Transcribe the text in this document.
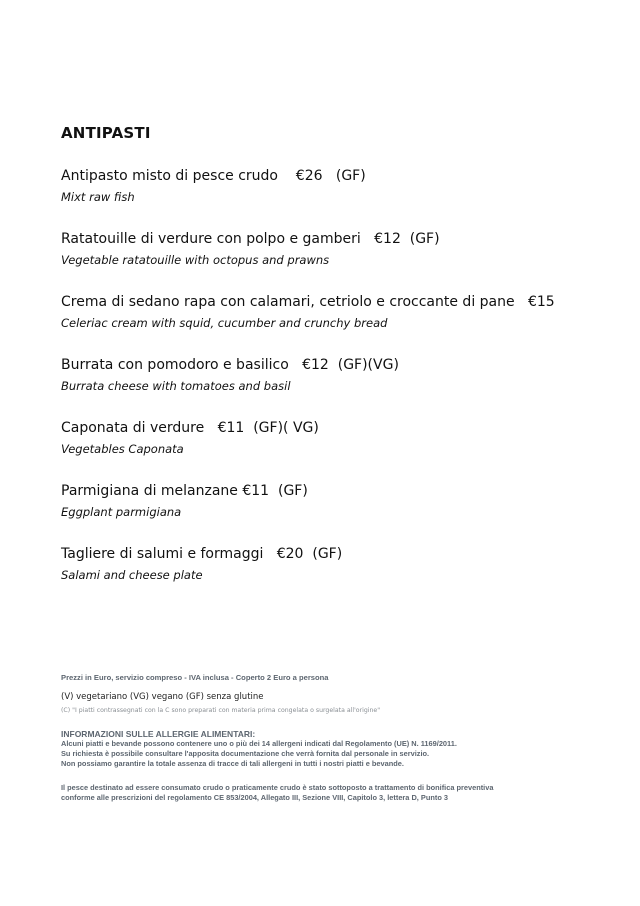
ANTIPASTI
Antipasto misto di pesce crudo    €26   (GF)
Mixt raw fish
Ratatouille di verdure con polpo e gamberi   €12  (GF)
Vegetable ratatouille with octopus and prawns
Crema di sedano rapa con calamari, cetriolo e croccante di pane   €15
Celeriac cream with squid, cucumber and crunchy bread
Burrata con pomodoro e basilico   €12  (GF)(VG)
Burrata cheese with tomatoes and basil
Caponata di verdure   €11  (GF)( VG)
Vegetables Caponata
Parmigiana di melanzane €11  (GF)
Eggplant parmigiana
Tagliere di salumi e formaggi   €20  (GF)
Salami and cheese plate
Prezzi in Euro, servizio compreso - IVA inclusa - Coperto 2 Euro a persona
(V) vegetariano (VG) vegano (GF) senza glutine
(C) "I piatti contrassegnati con la C sono preparati con materia prima congelata o surgelata all'origine"
INFORMAZIONI SULLE ALLERGIE ALIMENTARI:
Alcuni piatti e bevande possono contenere uno o più dei 14 allergeni indicati dal Regolamento (UE) N. 1169/2011.
Su richiesta è possibile consultare l'apposita documentazione che verrà fornita dal personale in servizio.
Non possiamo garantire la totale assenza di tracce di tali allergeni in tutti i nostri piatti e bevande.
Il pesce destinato ad essere consumato crudo o praticamente crudo è stato sottoposto a trattamento di bonifica preventiva
conforme alle prescrizioni del regolamento CE 853/2004, Allegato III, Sezione VIII, Capitolo 3, lettera D, Punto 3
